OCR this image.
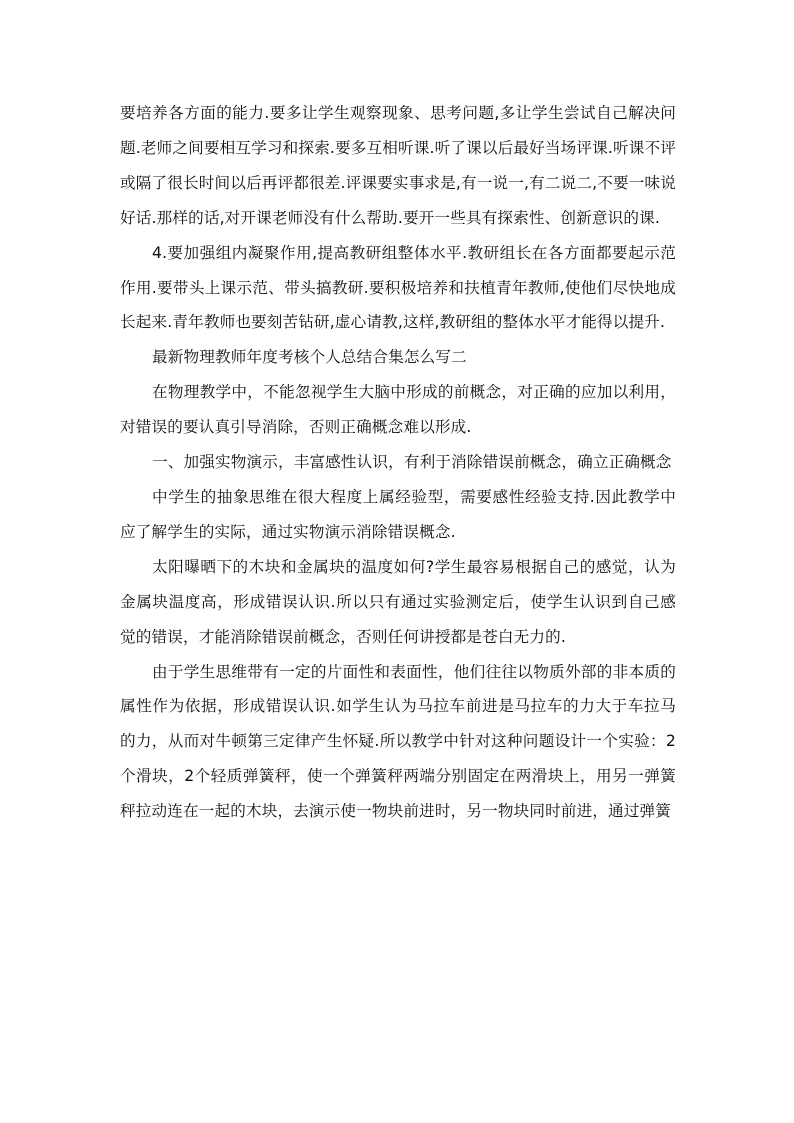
要培养各方面的能力.要多让学生观察现象、思考问题,多让学生尝试自己解决问题.老师之间要相互学习和探索.要多互相听课.听了课以后最好当场评课.听课不评或隔了很长时间以后再评都很差.评课要实事求是,有一说一,有二说二,不要一味说好话.那样的话,对开课老师没有什么帮助.要开一些具有探索性、创新意识的课.

4.要加强组内凝聚作用,提高教研组整体水平.教研组长在各方面都要起示范作用.要带头上课示范、带头搞教研.要积极培养和扶植青年教师,使他们尽快地成长起来.青年教师也要刻苦钻研,虚心请教,这样,教研组的整体水平才能得以提升.

最新物理教师年度考核个人总结合集怎么写二

在物理教学中，不能忽视学生大脑中形成的前概念，对正确的应加以利用，对错误的要认真引导消除，否则正确概念难以形成.

一、加强实物演示，丰富感性认识，有利于消除错误前概念，确立正确概念

中学生的抽象思维在很大程度上属经验型，需要感性经验支持.因此教学中应了解学生的实际，通过实物演示消除错误概念.

太阳曝晒下的木块和金属块的温度如何?学生最容易根据自己的感觉，认为金属块温度高，形成错误认识.所以只有通过实验测定后，使学生认识到自己感觉的错误，才能消除错误前概念，否则任何讲授都是苍白无力的.

由于学生思维带有一定的片面性和表面性，他们往往以物质外部的非本质的属性作为依据，形成错误认识.如学生认为马拉车前进是马拉车的力大于车拉马的力，从而对牛顿第三定律产生怀疑.所以教学中针对这种问题设计一个实验：2个滑块，2个轻质弹簧秤，使一个弹簧秤两端分别固定在两滑块上，用另一弹簧秤拉动连在一起的木块，去演示使一物块前进时，另一物块同时前进，通过弹簧
